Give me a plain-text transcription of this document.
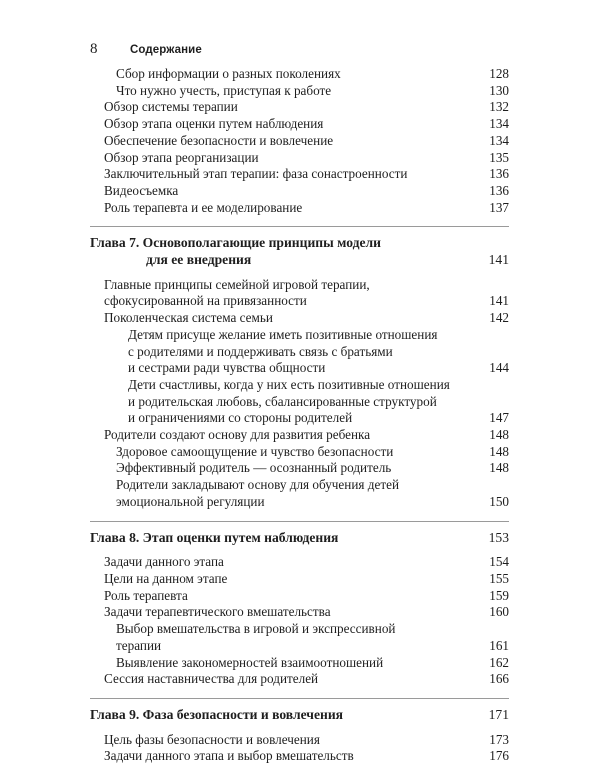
8	Содержание
Сбор информации о разных поколениях	128
Что нужно учесть, приступая к работе	130
Обзор системы терапии	132
Обзор этапа оценки путем наблюдения	134
Обеспечение безопасности и вовлечение	134
Обзор этапа реорганизации	135
Заключительный этап терапии: фаза сонастроенности	136
Видеосъемка	136
Роль терапевта и ее моделирование	137
Глава 7. Основополагающие принципы модели
для ее внедрения	141
Главные принципы семейной игровой терапии,
сфокусированной на привязанности	141
Поколенческая система семьи	142
Детям присуще желание иметь позитивные отношения
с родителями и поддерживать связь с братьями
и сестрами ради чувства общности	144
Дети счастливы, когда у них есть позитивные отношения
и родительская любовь, сбалансированные структурой
и ограничениями со стороны родителей	147
Родители создают основу для развития ребенка	148
Здоровое самоощущение и чувство безопасности	148
Эффективный родитель — осознанный родитель	148
Родители закладывают основу для обучения детей
эмоциональной регуляции	150
Глава 8. Этап оценки путем наблюдения	153
Задачи данного этапа	154
Цели на данном этапе	155
Роль терапевта	159
Задачи терапевтического вмешательства	160
Выбор вмешательства в игровой и экспрессивной
терапии	161
Выявление закономерностей взаимоотношений	162
Сессия наставничества для родителей	166
Глава 9. Фаза безопасности и вовлечения	171
Цель фазы безопасности и вовлечения	173
Задачи данного этапа и выбор вмешательств	176
